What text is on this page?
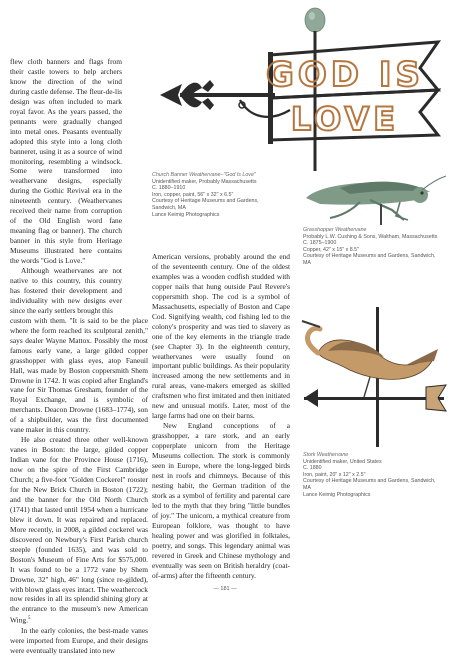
GOD IS
LOVE

flew cloth banners and flags from their castle towers to help archers know the direction of the wind during castle defense. The fleur-de-lis design was often included to mark royal favor. As the years passed, the pennants were gradually changed into metal ones. Peasants eventually adopted this style into a long cloth banneret, using it as a source of wind monitoring, resembling a windsock. Some were transformed into weathervane designs, especially during the Gothic Revival era in the nineteenth century. (Weathervanes received their name from corruption of the Old English word fane meaning flag or banner). The church banner in this style from Heritage Museums illustrated here contains the words "God is Love."

Although weathervanes are not native to this country, this country has fostered their development and individuality with new designs ever since the early settlers brought this

custom with them. "It is said to be the place where the form reached its sculptural zenith," says dealer Wayne Mattox. Possibly the most famous early vane, a large gilded copper grasshopper with glass eyes, atop Faneuil Hall, was made by Boston coppersmith Shem Drowne in 1742. It was copied after England's vane for Sir Thomas Gresham, founder of the Royal Exchange, and is symbolic of merchants. Deacon Drowne (1683–1774), son of a shipbuilder, was the first documented vane maker in this country.

He also created three other well-known vanes in Boston: the large, gilded copper Indian vane for the Province House (1716), now on the spire of the First Cambridge Church; a five-foot "Golden Cockerel" rooster for the New Brick Church in Boston (1722); and the banner for the Old North Church (1741) that lasted until 1954 when a hurricane blew it down. It was repaired and replaced. More recently, in 2008, a gilded cockerel was discovered on Newbury's First Parish church steeple (founded 1635), and was sold to Boston's Museum of Fine Arts for $575,000. It was found to be a 1772 vane by Shem Drowne, 32" high, 46" long (since re-gilded), with blown glass eyes intact. The weathercock now resides in all its splendid shining glory at the entrance to the museum's new American Wing.$^5$

In the early colonies, the best-made vanes were imported from Europe, and their designs were eventually translated into new

Church Banner Weathervane–"God Is Love"
Unidentified maker, Probably Massachusetts
C. 1880–1910
Iron, copper, paint, 56" x 32" x 6.5"
Courtesy of Heritage Museums and Gardens, Sandwich, MA
Lance Keimig Photographics

American versions, probably around the end of the seventeenth century. One of the oldest examples was a wooden codfish studded with copper nails that hung outside Paul Revere's coppersmith shop. The cod is a symbol of Massachusetts, especially of Boston and Cape Cod. Signifying wealth, cod fishing led to the colony's prosperity and was tied to slavery as one of the key elements in the triangle trade (see Chapter 3). In the eighteenth century, weathervanes were usually found on important public buildings. As their popularity increased among the new settlements and in rural areas, vane-makers emerged as skilled craftsmen who first imitated and then initiated new and unusual motifs. Later, most of the large farms had one on their barns.

New England conceptions of a grasshopper, a rare stork, and an early copperplate unicorn from the Heritage Museums collection. The stork is commonly seen in Europe, where the long-legged birds nest in roofs and chimneys. Because of this nesting habit, the German tradition of the stork as a symbol of fertility and parental care led to the myth that they bring "little bundles of joy." The unicorn, a mythical creature from European folklore, was thought to have healing power and was glorified in folktales, poetry, and songs. This legendary animal was revered in Greek and Chinese mythology and eventually was seen on British heraldry (coat-of-arms) after the fifteenth century.

Grasshopper Weathervane
Probably L.W. Cushing & Sons, Waltham, Massachusetts
C. 1875–1900
Copper, 42" x 15" x 8.5"
Courtesy of Heritage Museums and Gardens, Sandwich, MA
Stork Weathervane
Unidentified maker, United States
C. 1880
Iron, paint, 20" x 12" x 2.5"
Courtesy of Heritage Museums and Gardens, Sandwich, MA
Lance Keimig Photographics
— 181 —
